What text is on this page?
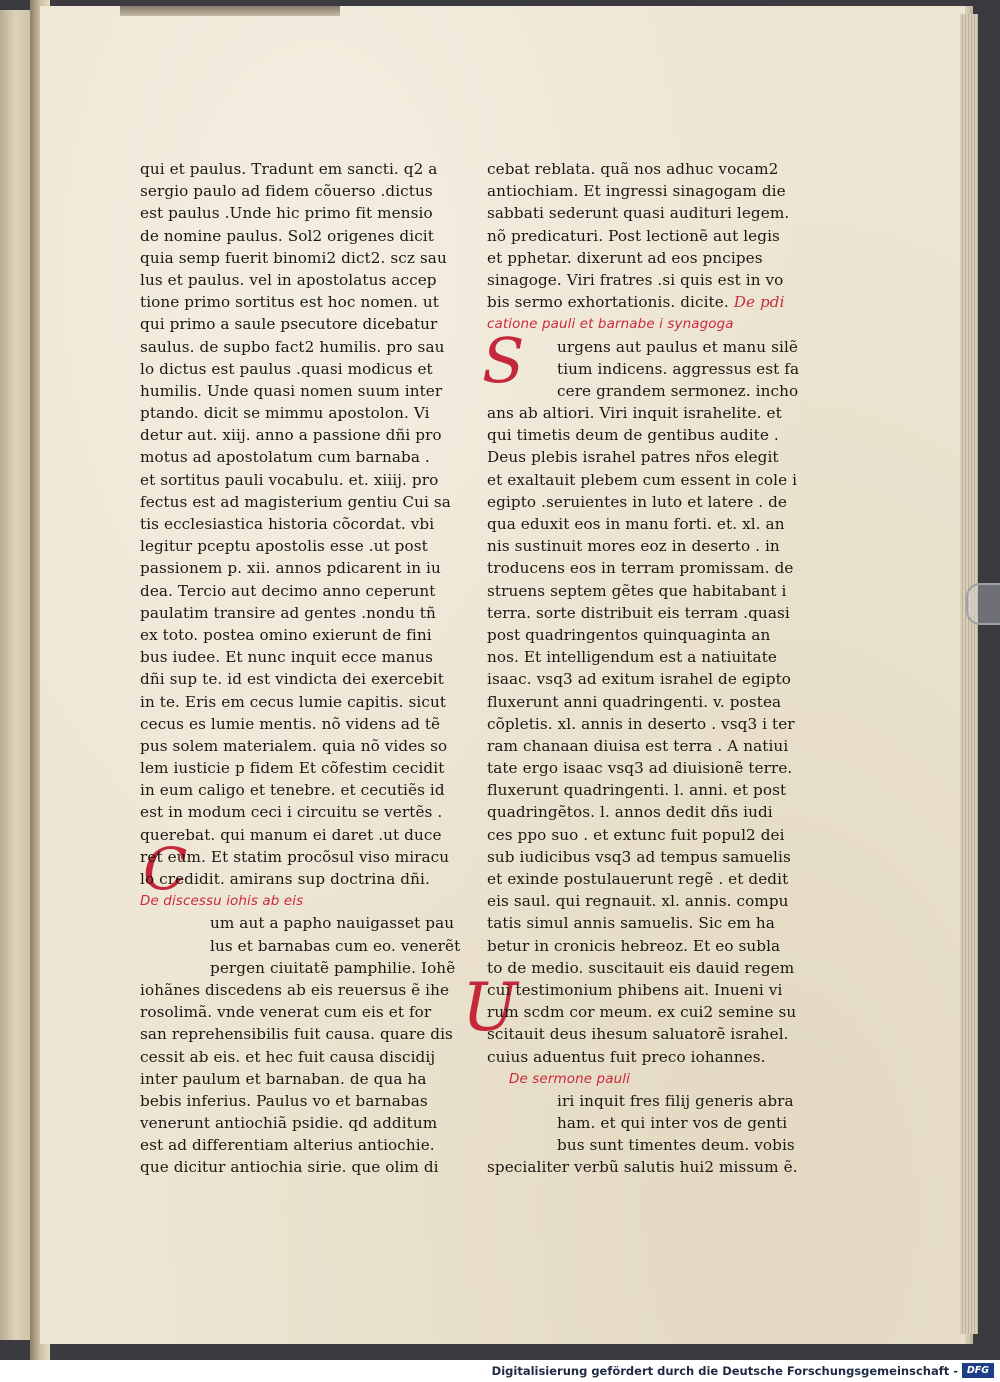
C
S
U
qui et paulus. Tradunt em sancti. q2 a
sergio paulo ad fidem cõuerso .dictus
est paulus .Unde hic primo fit mensio
de nomine paulus. Sol2 origenes dicit
quia semp fuerit binomi2 dict2. scz sau
lus et paulus. vel in apostolatus accep
tione primo sortitus est hoc nomen. ut
qui primo a saule psecutore dicebatur
saulus. de supbo fact2 humilis. pro sau
lo dictus est paulus .quasi modicus et
humilis. Unde quasi nomen suum inter
ptando. dicit se mimmu apostolon. Vi
detur aut. xiij. anno a passione dñi pro
motus ad apostolatum cum barnaba .
et sortitus pauli vocabulu. et. xiiij. pro
fectus est ad magisterium gentiu Cui sa
tis ecclesiastica historia cõcordat. vbi
legitur pceptu apostolis esse .ut post
passionem p. xii. annos pdicarent in iu
dea. Tercio aut decimo anno ceperunt
paulatim transire ad gentes .nondu tñ
ex toto. postea omino exierunt de fini
bus iudee. Et nunc inquit ecce manus
dñi sup te. id est vindicta dei exercebit
in te. Eris em cecus lumie capitis. sicut
cecus es lumie mentis. nõ videns ad tẽ
pus solem materialem. quia nõ vides so
lem iusticie p fidem Et cõfestim cecidit
in eum caligo et tenebre. et cecutiẽs id
est in modum ceci i circuitu se vertẽs .
querebat. qui manum ei daret .ut duce
ret eum. Et statim procõsul viso miracu
lo credidit. amirans sup doctrina dñi.
De discessu iohis ab eis
um aut a papho nauigasset pau
lus et barnabas cum eo. venerẽt
pergen ciuitatẽ pamphilie. Iohẽ
iohãnes discedens ab eis reuersus ẽ ihe
rosolimã. vnde venerat cum eis et for
san reprehensibilis fuit causa. quare dis
cessit ab eis. et hec fuit causa discidij
inter paulum et barnaban. de qua ha
bebis inferius. Paulus vo et barnabas
venerunt antiochiã psidie. qd additum
est ad differentiam alterius antiochie.
que dicitur antiochia sirie. que olim di
cebat reblata. quã nos adhuc vocam2
antiochiam. Et ingressi sinagogam die
sabbati sederunt quasi audituri legem.
nõ predicaturi. Post lectionẽ aut legis
et pphetar. dixerunt ad eos pncipes
sinagoge. Viri fratres .si quis est in vo
bis sermo exhortationis. dicite. De pdi
catione pauli et barnabe i synagoga
urgens aut paulus et manu silẽ
tium indicens. aggressus est fa
cere grandem sermonez. incho
ans ab altiori. Viri inquit israhelite. et
qui timetis deum de gentibus audite .
Deus plebis israhel patres nr̃os elegit
et exaltauit plebem cum essent in cole i
egipto .seruientes in luto et latere . de
qua eduxit eos in manu forti. et. xl. an
nis sustinuit mores eoz in deserto . in
troducens eos in terram promissam. de
struens septem gẽtes que habitabant i
terra. sorte distribuit eis terram .quasi
post quadringentos quinquaginta an
nos. Et intelligendum est a natiuitate
isaac. vsq3 ad exitum israhel de egipto
fluxerunt anni quadringenti. v. postea
cõpletis. xl. annis in deserto . vsq3 i ter
ram chanaan diuisa est terra . A natiui
tate ergo isaac vsq3 ad diuisionẽ terre.
fluxerunt quadringenti. l. anni. et post
quadringẽtos. l. annos dedit dñs iudi
ces ppo suo . et extunc fuit popul2 dei
sub iudicibus vsq3 ad tempus samuelis
et exinde postulauerunt regẽ . et dedit
eis saul. qui regnauit. xl. annis. compu
tatis simul annis samuelis. Sic em ha
betur in cronicis hebreoz. Et eo subla
to de medio. suscitauit eis dauid regem
cui testimonium phibens ait. Inueni vi
rum scdm cor meum. ex cui2 semine su
scitauit deus ihesum saluatorẽ israhel.
cuius aduentus fuit preco iohannes.
De sermone pauli
iri inquit fres filij generis abra
ham. et qui inter vos de genti
bus sunt timentes deum. vobis
specialiter verbũ salutis hui2 missum ẽ.
Digitalisierung gefördert durch die Deutsche Forschungsgemeinschaft - DFG
